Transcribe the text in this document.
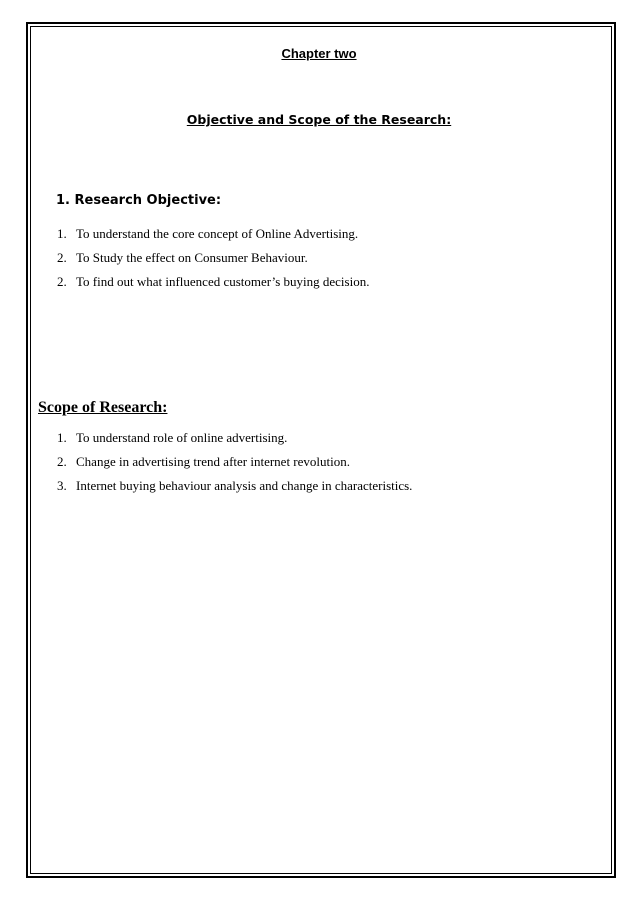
Chapter two
Objective and Scope of the Research:
1. Research Objective:
1. To understand the core concept of Online Advertising.
2. To Study the effect on Consumer Behaviour.
2. To find out what influenced customer’s buying decision.
Scope of Research:
1. To understand role of online advertising.
2. Change in advertising trend after internet revolution.
3. Internet buying behaviour analysis and change in characteristics.
